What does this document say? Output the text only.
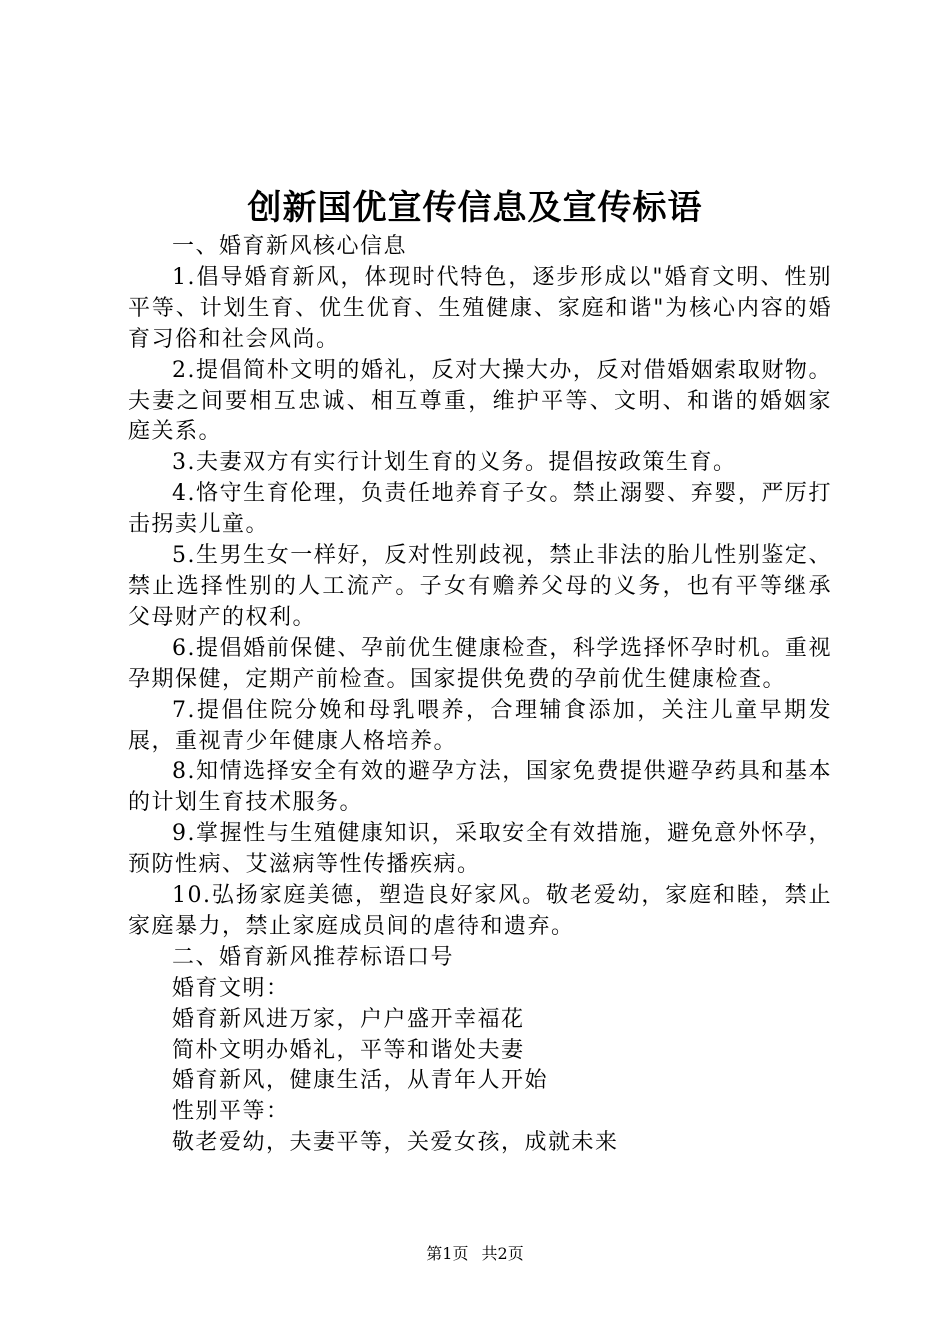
创新国优宣传信息及宣传标语

一、婚育新风核心信息

1.倡导婚育新风，体现时代特色，逐步形成以"婚育文明、性别平等、计划生育、优生优育、生殖健康、家庭和谐"为核心内容的婚育习俗和社会风尚。

2.提倡简朴文明的婚礼，反对大操大办，反对借婚姻索取财物。夫妻之间要相互忠诚、相互尊重，维护平等、文明、和谐的婚姻家庭关系。

3.夫妻双方有实行计划生育的义务。提倡按政策生育。

4.恪守生育伦理，负责任地养育子女。禁止溺婴、弃婴，严厉打击拐卖儿童。

5.生男生女一样好，反对性别歧视，禁止非法的胎儿性别鉴定、禁止选择性别的人工流产。子女有赡养父母的义务，也有平等继承父母财产的权利。

6.提倡婚前保健、孕前优生健康检查，科学选择怀孕时机。重视孕期保健，定期产前检查。国家提供免费的孕前优生健康检查。

7.提倡住院分娩和母乳喂养，合理辅食添加，关注儿童早期发展，重视青少年健康人格培养。

8.知情选择安全有效的避孕方法，国家免费提供避孕药具和基本的计划生育技术服务。

9.掌握性与生殖健康知识，采取安全有效措施，避免意外怀孕，预防性病、艾滋病等性传播疾病。

10.弘扬家庭美德，塑造良好家风。敬老爱幼，家庭和睦，禁止家庭暴力，禁止家庭成员间的虐待和遗弃。

二、婚育新风推荐标语口号

婚育文明：

婚育新风进万家，户户盛开幸福花

简朴文明办婚礼，平等和谐处夫妻

婚育新风，健康生活，从青年人开始

性别平等：

敬老爱幼，夫妻平等，关爱女孩，成就未来

第1页 共2页
